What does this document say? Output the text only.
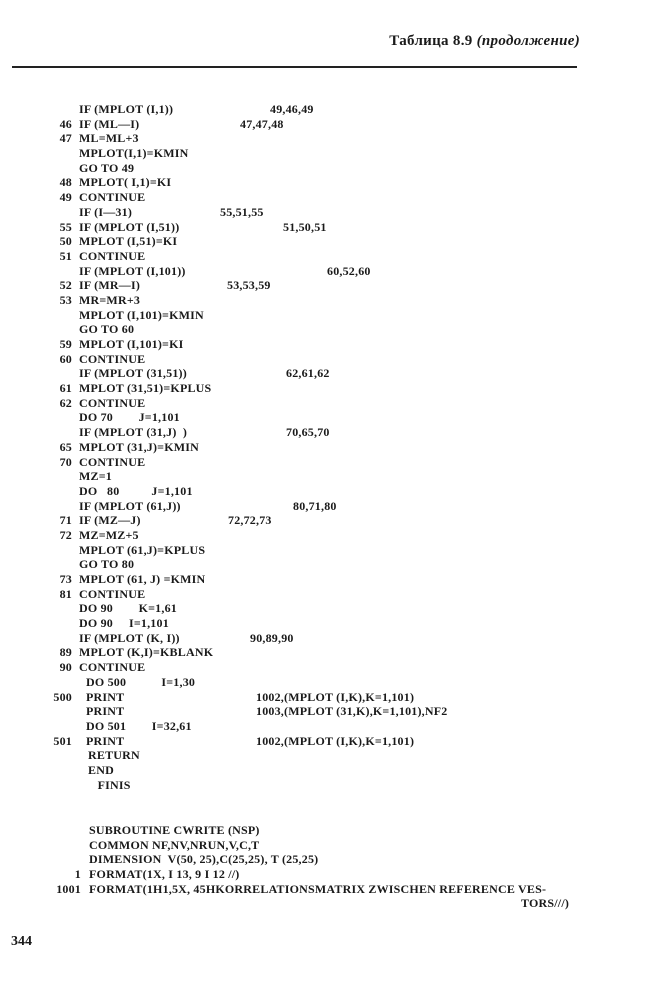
Таблица 8.9 (продолжение)
IF (MPLOT (I,1))	49,46,49
46 IF (ML—I)	47,47,48
47 ML=ML+3
MPLOT(I,1)=KMIN
GO TO 49
48 MPLOT( I,1)=KI
49 CONTINUE
IF (I—31)	55,51,55
55 IF (MPLOT (I,51))	51,50,51
50 MPLOT (I,51)=KI
51 CONTINUE
IF (MPLOT (I,101))	60,52,60
52 IF (MR—I)	53,53,59
53 MR=MR+3
MPLOT (I,101)=KMIN
GO TO 60
59 MPLOT (I,101)=KI
60 CONTINUE
IF (MPLOT (31,51))	62,61,62
61 MPLOT (31,51)=KPLUS
62 CONTINUE
DO 70        J=1,101
IF (MPLOT (31,J)  )	70,65,70
65 MPLOT (31,J)=KMIN
70 CONTINUE
MZ=1
DO   80          J=1,101
IF (MPLOT (61,J))	80,71,80
71 IF (MZ—J)	72,72,73
72 MZ=MZ+5
MPLOT (61,J)=KPLUS
GO TO 80
73 MPLOT (61, J) =KMIN
81 CONTINUE
DO 90        K=1,61
DO 90     I=1,101
IF (MPLOT (K, I))	90,89,90
89 MPLOT (K,I)=KBLANK
90 CONTINUE
DO 500           I=1,30
500 PRINT	1002,(MPLOT (I,K),K=1,101)
PRINT	1003,(MPLOT (31,K),K=1,101),NF2
DO 501        I=32,61
501 PRINT	1002,(MPLOT (I,K),K=1,101)
RETURN
END
FINIS
SUBROUTINE CWRITE (NSP)
COMMON NF,NV,NRUN,V,C,T
DIMENSION  V(50, 25),C(25,25), T (25,25)
1 FORMAT(1X, I 13, 9 I 12 //)
1001 FORMAT(1H1,5X, 45HKORRELATIONSMATRIX ZWISCHEN REFERENCE VES-
TORS///)
344
